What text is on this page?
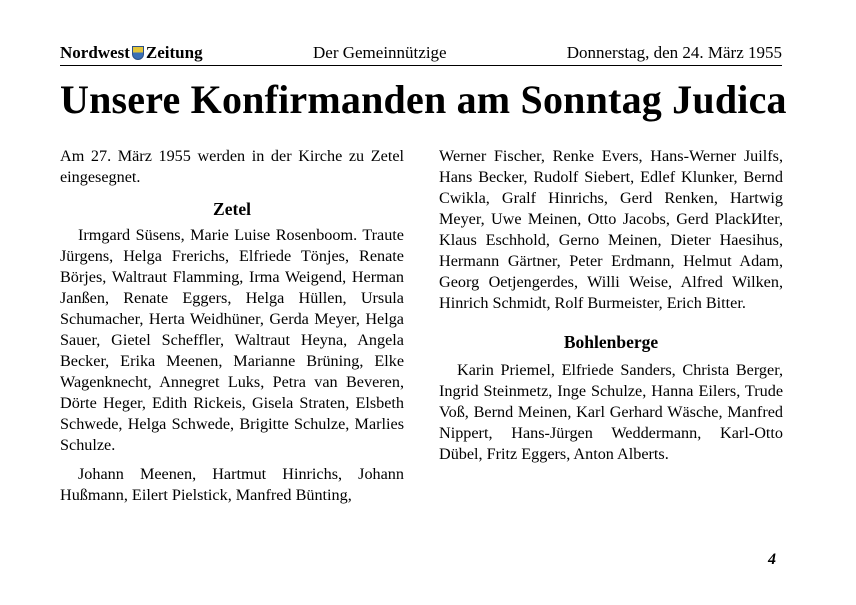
Nordwest Zeitung	Der Gemeinnützige	Donnerstag, den 24. März 1955
Unsere Konfirmanden am Sonntag Judica

Am 27. März 1955 werden in der Kirche zu Zetel eingesegnet.

Zetel

Irmgard Süsens, Marie Luise Rosenboom. Traute Jürgens, Helga Frerichs, Elfriede Tönjes, Renate Börjes, Waltraut Flamming, Irma Weigend, Herman Janßen, Renate Eggers, Helga Hüllen, Ursula Schumacher, Herta Weidhüner, Gerda Meyer, Helga Sauer, Gietel Scheffler, Waltraut Heyna, Angela Becker, Erika Meenen, Marianne Brüning, Elke Wagenknecht, Annegret Luks, Petra van Beveren, Dörte Heger, Edith Rickeis, Gisela Straten, Elsbeth Schwede, Helga Schwede, Brigitte Schulze, Marlies Schulze.

Johann Meenen, Hartmut Hinrichs, Johann Hußmann, Eilert Pielstick, Manfred Bünting,

Werner Fischer, Renke Evers, Hans-Werner Juilfs, Hans Becker, Rudolf Siebert, Edlef Klunker, Bernd Cwikla, Gralf Hinrichs, Gerd Renken, Hartwig Meyer, Uwe Meinen, Otto Jacobs, Gerd PlackИter, Klaus Eschhold, Gerno Meinen, Dieter Haesihus, Hermann Gärtner, Peter Erdmann, Helmut Adam, Georg Oetjengerdes, Willi Weise, Alfred Wilken, Hinrich Schmidt, Rolf Burmeister, Erich Bitter.

Bohlenberge

Karin Priemel, Elfriede Sanders, Christa Berger, Ingrid Steinmetz, Inge Schulze, Hanna Eilers, Trude Voß, Bernd Meinen, Karl Gerhard Wäsche, Manfred Nippert, Hans-Jürgen Weddermann, Karl-Otto Dübel, Fritz Eggers, Anton Alberts.

4
